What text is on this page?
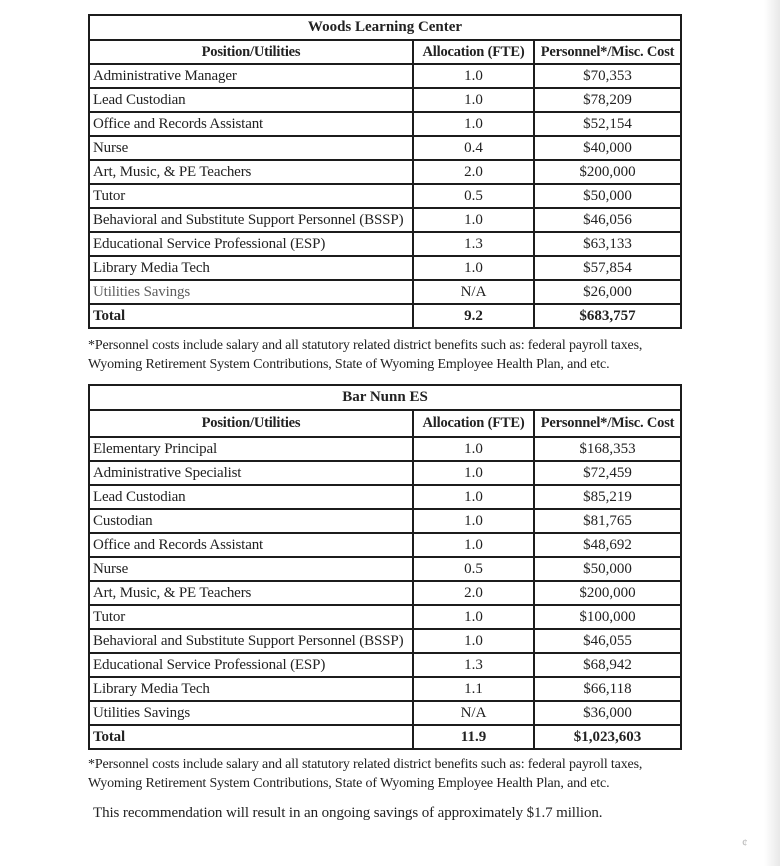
Woods Learning Center		
Position/Utilities	Allocation (FTE)	Personnel*/Misc. Cost
Administrative Manager	1.0	$70,353
Lead Custodian	1.0	$78,209
Office and Records Assistant	1.0	$52,154
Nurse	0.4	$40,000
Art, Music, & PE Teachers	2.0	$200,000
Tutor	0.5	$50,000
Behavioral and Substitute Support Personnel (BSSP)	1.0	$46,056
Educational Service Professional (ESP)	1.3	$63,133
Library Media Tech	1.0	$57,854
Utilities Savings	N/A	$26,000
Total	9.2	$683,757
*Personnel costs include salary and all statutory related district benefits such as: federal payroll taxes,
Wyoming Retirement System Contributions, State of Wyoming Employee Health Plan, and etc.
Bar Nunn ES		
Position/Utilities	Allocation (FTE)	Personnel*/Misc. Cost
Elementary Principal	1.0	$168,353
Administrative Specialist	1.0	$72,459
Lead Custodian	1.0	$85,219
Custodian	1.0	$81,765
Office and Records Assistant	1.0	$48,692
Nurse	0.5	$50,000
Art, Music, & PE Teachers	2.0	$200,000
Tutor	1.0	$100,000
Behavioral and Substitute Support Personnel (BSSP)	1.0	$46,055
Educational Service Professional (ESP)	1.3	$68,942
Library Media Tech	1.1	$66,118
Utilities Savings	N/A	$36,000
Total	11.9	$1,023,603
*Personnel costs include salary and all statutory related district benefits such as: federal payroll taxes,
Wyoming Retirement System Contributions, State of Wyoming Employee Health Plan, and etc.
This recommendation will result in an ongoing savings of approximately $1.7 million.
¢
